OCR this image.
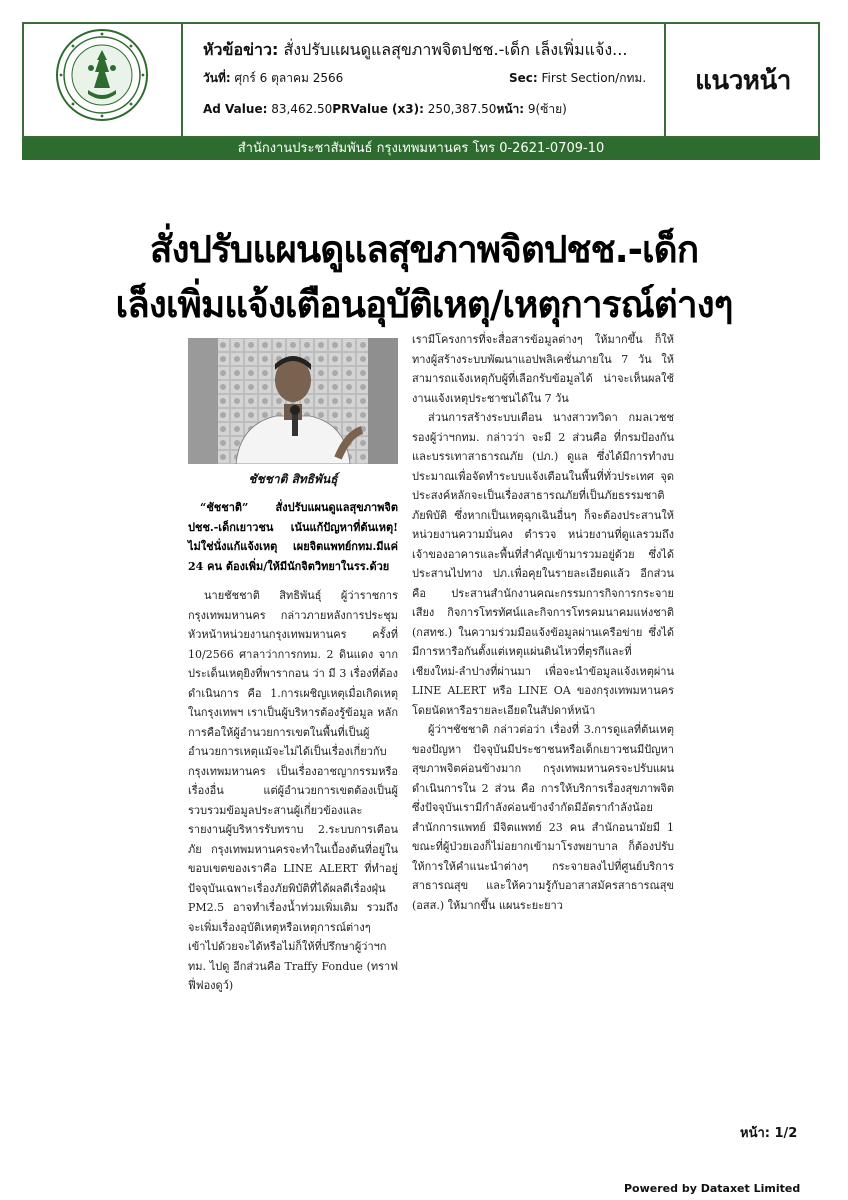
หัวข้อข่าว: สั่งปรับแผนดูแลสุขภาพจิตปชช.-เด็ก เล็งเพิ่มแจ้ง...
วันที่: ศุกร์ 6 ตุลาคม 2566	Sec: First Section/กทม.
Ad Value: 83,462.50PRValue (x3): 250,387.50หน้า: 9(ซ้าย)
แนวหน้า
สำนักงานประชาสัมพันธ์ กรุงเทพมหานคร โทร 0-2621-0709-10
สั่งปรับแผนดูแลสุขภาพจิตปชช.-เด็ก
เล็งเพิ่มแจ้งเตือนอุบัติเหตุ/เหตุการณ์ต่างๆ
ชัชชาติ สิทธิพันธุ์

“ชัชชาติ” สั่งปรับแผนดูแลสุขภาพจิต ปชช.-เด็กเยาวชน เน้นแก้ปัญหาที่ต้นเหตุ! ไม่ใช่นั่งแก้แจ้งเหตุ เผยจิตแพทย์กทม.มีแค่ 24 คน ต้องเพิ่ม/ให้มีนักจิตวิทยาในรร.ด้วย

นายชัชชาติ สิทธิพันธุ์ ผู้ว่าราชการกรุงเทพมหานคร กล่าวภายหลังการประชุมหัวหน้าหน่วยงานกรุงเทพมหานคร ครั้งที่ 10/2566 ศาลาว่าการกทม. 2 ดินแดง จากประเด็นเหตุยิงที่พารากอน ว่า มี 3 เรื่องที่ต้องดำเนินการ คือ 1.การเผชิญเหตุเมื่อเกิดเหตุในกรุงเทพฯ เราเป็นผู้บริหารต้องรู้ข้อมูล หลักการคือให้ผู้อำนวยการเขตในพื้นที่เป็นผู้อำนวยการเหตุแม้จะไม่ได้เป็นเรื่องเกี่ยวกับกรุงเทพมหานคร เป็นเรื่องอาชญากรรมหรือเรื่องอื่น แต่ผู้อำนวยการเขตต้องเป็นผู้รวบรวมข้อมูลประสานผู้เกี่ยวข้องและรายงานผู้บริหารรับทราบ 2.ระบบการเตือนภัย กรุงเทพมหานครจะทำในเบื้องต้นที่อยู่ในขอบเขตของเราคือ LINE ALERT ที่ทำอยู่ปัจจุบันเฉพาะเรื่องภัยพิบัติที่ได้ผลดีเรื่องฝุ่น PM2.5 อาจทำเรื่องน้ำท่วมเพิ่มเติม รวมถึงจะเพิ่มเรื่องอุบัติเหตุหรือเหตุการณ์ต่างๆ เข้าไปด้วยจะได้หรือไม่ก็ให้ที่ปรึกษาผู้ว่าฯกทม. ไปดู อีกส่วนคือ Traffy Fondue (ทราฟฟี่ฟองดูว์)

เรามีโครงการที่จะสื่อสารข้อมูลต่างๆ ให้มากขึ้น ก็ให้ทางผู้สร้างระบบพัฒนาแอปพลิเคชั่นภายใน 7 วัน ให้สามารถแจ้งเหตุกับผู้ที่เลือกรับข้อมูลได้ น่าจะเห็นผลใช้งานแจ้งเหตุประชาชนได้ใน 7 วัน

ส่วนการสร้างระบบเตือน นางสาวทวิดา กมลเวชช รองผู้ว่าฯกทม. กล่าวว่า จะมี 2 ส่วนคือ ที่กรมป้องกันและบรรเทาสาธารณภัย (ปภ.) ดูแล ซึ่งได้มีการทำงบประมาณเพื่อจัดทำระบบแจ้งเตือนในพื้นที่ทั่วประเทศ จุดประสงค์หลักจะเป็นเรื่องสาธารณภัยที่เป็นภัยธรรมชาติ ภัยพิบัติ ซึ่งหากเป็นเหตุฉุกเฉินอื่นๆ ก็จะต้องประสานให้หน่วยงานความมั่นคง ตำรวจ หน่วยงานที่ดูแลรวมถึงเจ้าของอาคารและพื้นที่สำคัญเข้ามารวมอยู่ด้วย ซึ่งได้ประสานไปทาง ปภ.เพื่อคุยในรายละเอียดแล้ว อีกส่วนคือ ประสานสำนักงานคณะกรรมการกิจการกระจายเสียง กิจการโทรทัศน์และกิจการโทรคมนาคมแห่งชาติ (กสทช.) ในความร่วมมือแจ้งข้อมูลผ่านเครือข่าย ซึ่งได้มีการหารือกันตั้งแต่เหตุแผ่นดินไหวที่ตุรกีและที่เชียงใหม่-ลำปางที่ผ่านมา เพื่อจะนำข้อมูลแจ้งเหตุผ่าน LINE ALERT หรือ LINE OA ของกรุงเทพมหานคร โดยนัดหารือรายละเอียดในสัปดาห์หน้า

ผู้ว่าฯชัชชาติ กล่าวต่อว่า เรื่องที่ 3.การดูแลที่ต้นเหตุของปัญหา ปัจจุบันมีประชาชนหรือเด็กเยาวชนมีปัญหาสุขภาพจิตค่อนข้างมาก กรุงเทพมหานครจะปรับแผนดำเนินการใน 2 ส่วน คือ การให้บริการเรื่องสุขภาพจิตซึ่งปัจจุบันเรามีกำลังค่อนข้างจำกัดมีอัตรากำลังน้อย สำนักการแพทย์ มีจิตแพทย์ 23 คน สำนักอนามัยมี 1 ขณะที่ผู้ป่วยเองก็ไม่อยากเข้ามาโรงพยาบาล ก็ต้องปรับให้การให้คำแนะนำต่างๆ กระจายลงไปที่ศูนย์บริการสาธารณสุข และให้ความรู้กับอาสาสมัครสาธารณสุข (อสส.) ให้มากขึ้น แผนระยะยาว

หน้า: 1/2
Powered by Dataxet Limited
